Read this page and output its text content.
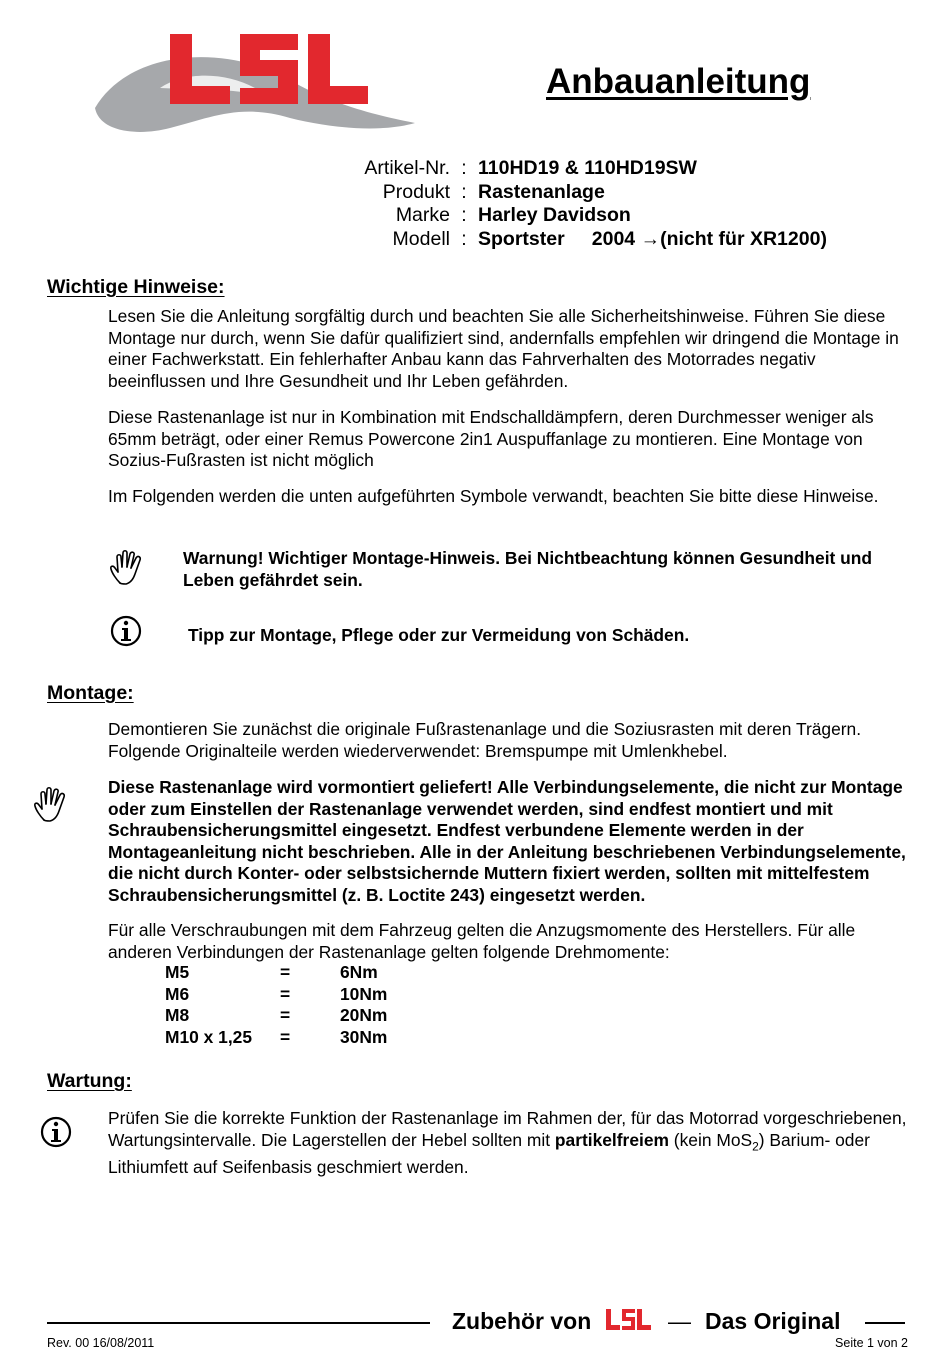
Anbauanleitung
Artikel-Nr. : 110HD19 & 110HD19SW
Produkt : Rastenanlage
Marke : Harley Davidson
Modell : Sportster     2004 →(nicht für XR1200)
Wichtige Hinweise:
Lesen Sie die Anleitung sorgfältig durch und beachten Sie alle Sicherheitshinweise. Führen Sie diese Montage nur durch, wenn Sie dafür qualifiziert sind, andernfalls empfehlen wir dringend die Montage in einer Fachwerkstatt. Ein fehlerhafter Anbau kann das Fahrverhalten des Motorrades negativ beeinflussen und Ihre Gesundheit und Ihr Leben gefährden.
Diese Rastenanlage ist nur in Kombination mit Endschalldämpfern, deren Durchmesser weniger als 65mm beträgt, oder einer Remus Powercone 2in1 Auspuffanlage zu montieren. Eine Montage von Sozius-Fußrasten ist nicht möglich
Im Folgenden werden die unten aufgeführten Symbole verwandt, beachten Sie bitte diese Hinweise.
Warnung! Wichtiger Montage-Hinweis. Bei Nichtbeachtung können Gesundheit und Leben gefährdet sein.
Tipp zur Montage, Pflege oder zur Vermeidung von Schäden.
Montage:
Demontieren Sie zunächst die originale Fußrastenanlage und die Soziusrasten mit deren Trägern. Folgende Originalteile werden wiederverwendet: Bremspumpe mit Umlenkhebel.
Diese Rastenanlage wird vormontiert geliefert! Alle Verbindungselemente, die nicht zur Montage oder zum Einstellen der Rastenanlage verwendet werden, sind endfest montiert und mit Schraubensicherungsmittel eingesetzt. Endfest verbundene Elemente werden in der Montageanleitung nicht beschrieben. Alle in der Anleitung beschriebenen Verbindungselemente, die nicht durch Konter- oder selbstsichernde Muttern fixiert werden, sollten mit mittelfestem Schraubensicherungsmittel (z. B. Loctite 243) eingesetzt werden.
Für alle Verschraubungen mit dem Fahrzeug gelten die Anzugsmomente des Herstellers. Für alle anderen Verbindungen der Rastenanlage gelten folgende Drehmomente:
M5	=	6Nm
M6	=	10Nm
M8	=	20Nm
M10 x 1,25	=	30Nm
Wartung:
Prüfen Sie die korrekte Funktion der Rastenanlage im Rahmen der, für das Motorrad vorgeschriebenen, Wartungsintervalle. Die Lagerstellen der Hebel sollten mit partikelfreiem (kein MoS$_2$) Barium- oder Lithiumfett auf Seifenbasis geschmiert werden.
Zubehör von	— Das Original
Rev. 00 16/08/2011	Seite 1 von 2
